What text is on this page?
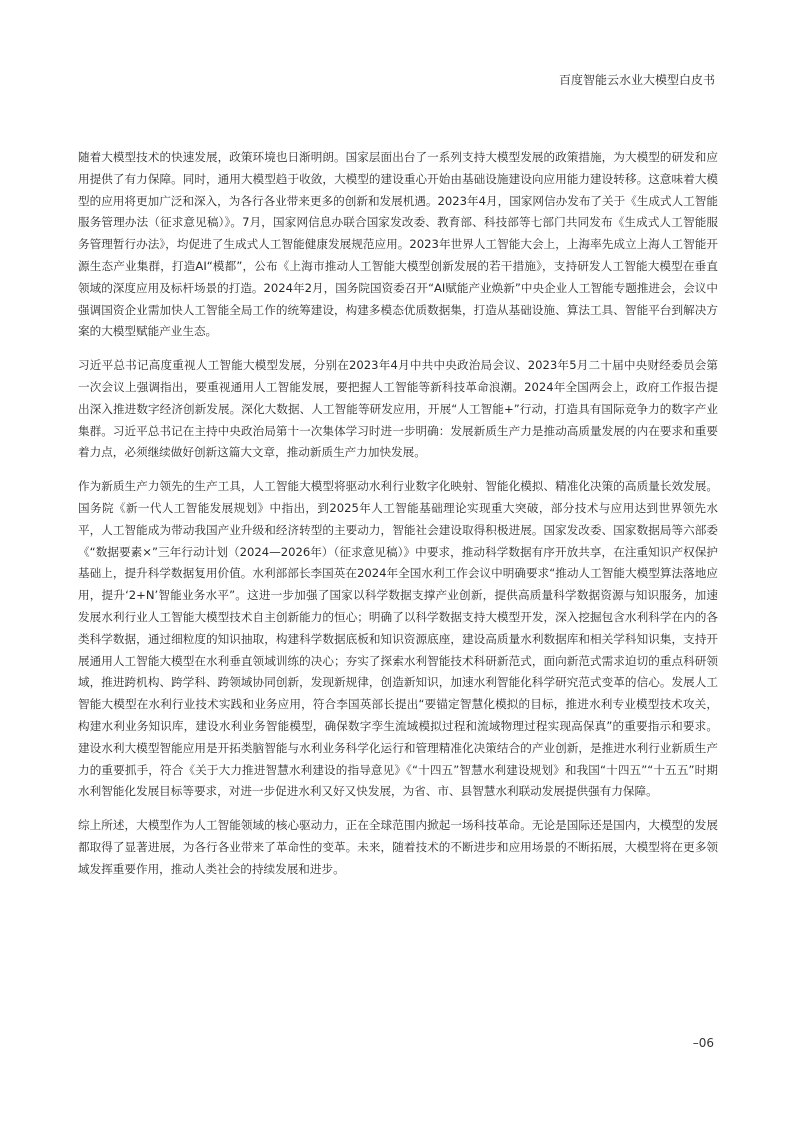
百度智能云水业大模型白皮书

随着大模型技术的快速发展，政策环境也日渐明朗。国家层面出台了一系列支持大模型发展的政策措施，为大模型的研发和应用提供了有力保障。同时，通用大模型趋于收敛，大模型的建设重心开始由基础设施建设向应用能力建设转移。这意味着大模型的应用将更加广泛和深入，为各行各业带来更多的创新和发展机遇。2023年4月，国家网信办发布了关于《生成式人工智能服务管理办法（征求意见稿）》。7月，国家网信息办联合国家发改委、教育部、科技部等七部门共同发布《生成式人工智能服务管理暂行办法》，均促进了生成式人工智能健康发展规范应用。2023年世界人工智能大会上，上海率先成立上海人工智能开源生态产业集群，打造AI“模都”，公布《上海市推动人工智能大模型创新发展的若干措施》，支持研发人工智能大模型在垂直领域的深度应用及标杆场景的打造。2024年2月，国务院国资委召开“AI赋能产业焕新”中央企业人工智能专题推进会，会议中强调国资企业需加快人工智能全局工作的统筹建设，构建多模态优质数据集，打造从基础设施、算法工具、智能平台到解决方案的大模型赋能产业生态。

习近平总书记高度重视人工智能大模型发展，分别在2023年4月中共中央政治局会议、2023年5月二十届中央财经委员会第一次会议上强调指出，要重视通用人工智能发展，要把握人工智能等新科技革命浪潮。2024年全国两会上，政府工作报告提出深入推进数字经济创新发展。深化大数据、人工智能等研发应用，开展“人工智能+”行动，打造具有国际竞争力的数字产业集群。习近平总书记在主持中央政治局第十一次集体学习时进一步明确：发展新质生产力是推动高质量发展的内在要求和重要着力点，必须继续做好创新这篇大文章，推动新质生产力加快发展。

作为新质生产力领先的生产工具，人工智能大模型将驱动水利行业数字化映射、智能化模拟、精准化决策的高质量长效发展。国务院《新一代人工智能发展规划》中指出，到2025年人工智能基础理论实现重大突破，部分技术与应用达到世界领先水平，人工智能成为带动我国产业升级和经济转型的主要动力，智能社会建设取得积极进展。国家发改委、国家数据局等六部委《“数据要素×”三年行动计划（2024—2026年）（征求意见稿）》中要求，推动科学数据有序开放共享，在注重知识产权保护基础上，提升科学数据复用价值。水利部部长李国英在2024年全国水利工作会议中明确要求“推动人工智能大模型算法落地应用，提升‘2+N’智能业务水平”。这进一步加强了国家以科学数据支撑产业创新，提供高质量科学数据资源与知识服务，加速发展水利行业人工智能大模型技术自主创新能力的恒心；明确了以科学数据支持大模型开发，深入挖掘包含水利科学在内的各类科学数据，通过细粒度的知识抽取，构建科学数据底板和知识资源底座，建设高质量水利数据库和相关学科知识集，支持开展通用人工智能大模型在水利垂直领域训练的决心；夯实了探索水利智能技术科研新范式，面向新范式需求迫切的重点科研领域，推进跨机构、跨学科、跨领域协同创新，发现新规律，创造新知识，加速水利智能化科学研究范式变革的信心。发展人工智能大模型在水利行业技术实践和业务应用，符合李国英部长提出“要锚定智慧化模拟的目标，推进水利专业模型技术攻关，构建水利业务知识库，建设水利业务智能模型，确保数字孪生流域模拟过程和流域物理过程实现高保真”的重要指示和要求。建设水利大模型智能应用是开拓类脑智能与水利业务科学化运行和管理精准化决策结合的产业创新，是推进水利行业新质生产力的重要抓手，符合《关于大力推进智慧水利建设的指导意见》《“十四五”智慧水利建设规划》和我国“十四五”“十五五”时期水利智能化发展目标等要求，对进一步促进水利又好又快发展，为省、市、县智慧水利联动发展提供强有力保障。

综上所述，大模型作为人工智能领域的核心驱动力，正在全球范围内掀起一场科技革命。无论是国际还是国内，大模型的发展都取得了显著进展，为各行各业带来了革命性的变革。未来，随着技术的不断进步和应用场景的不断拓展，大模型将在更多领域发挥重要作用，推动人类社会的持续发展和进步。

–06
